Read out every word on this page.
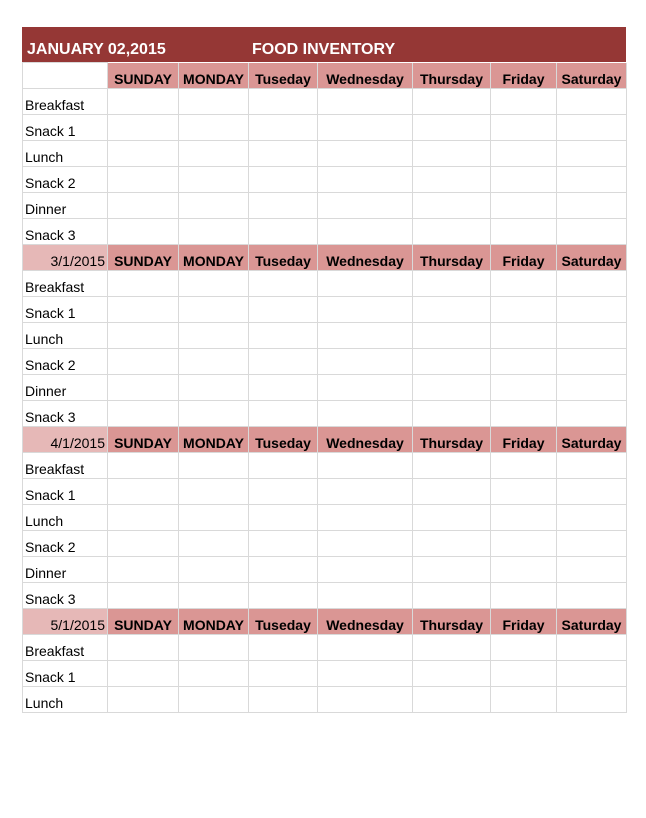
JANUARY 02,2015	FOOD INVENTORY
	SUNDAY	MONDAY	Tuseday	Wednesday	Thursday	Friday	Saturday
Breakfast							
Snack 1							
Lunch							
Snack 2							
Dinner							
Snack 3							
3/1/2015	SUNDAY	MONDAY	Tuseday	Wednesday	Thursday	Friday	Saturday
Breakfast							
Snack 1							
Lunch							
Snack 2							
Dinner							
Snack 3							
4/1/2015	SUNDAY	MONDAY	Tuseday	Wednesday	Thursday	Friday	Saturday
Breakfast							
Snack 1							
Lunch							
Snack 2							
Dinner							
Snack 3							
5/1/2015	SUNDAY	MONDAY	Tuseday	Wednesday	Thursday	Friday	Saturday
Breakfast							
Snack 1							
Lunch							
